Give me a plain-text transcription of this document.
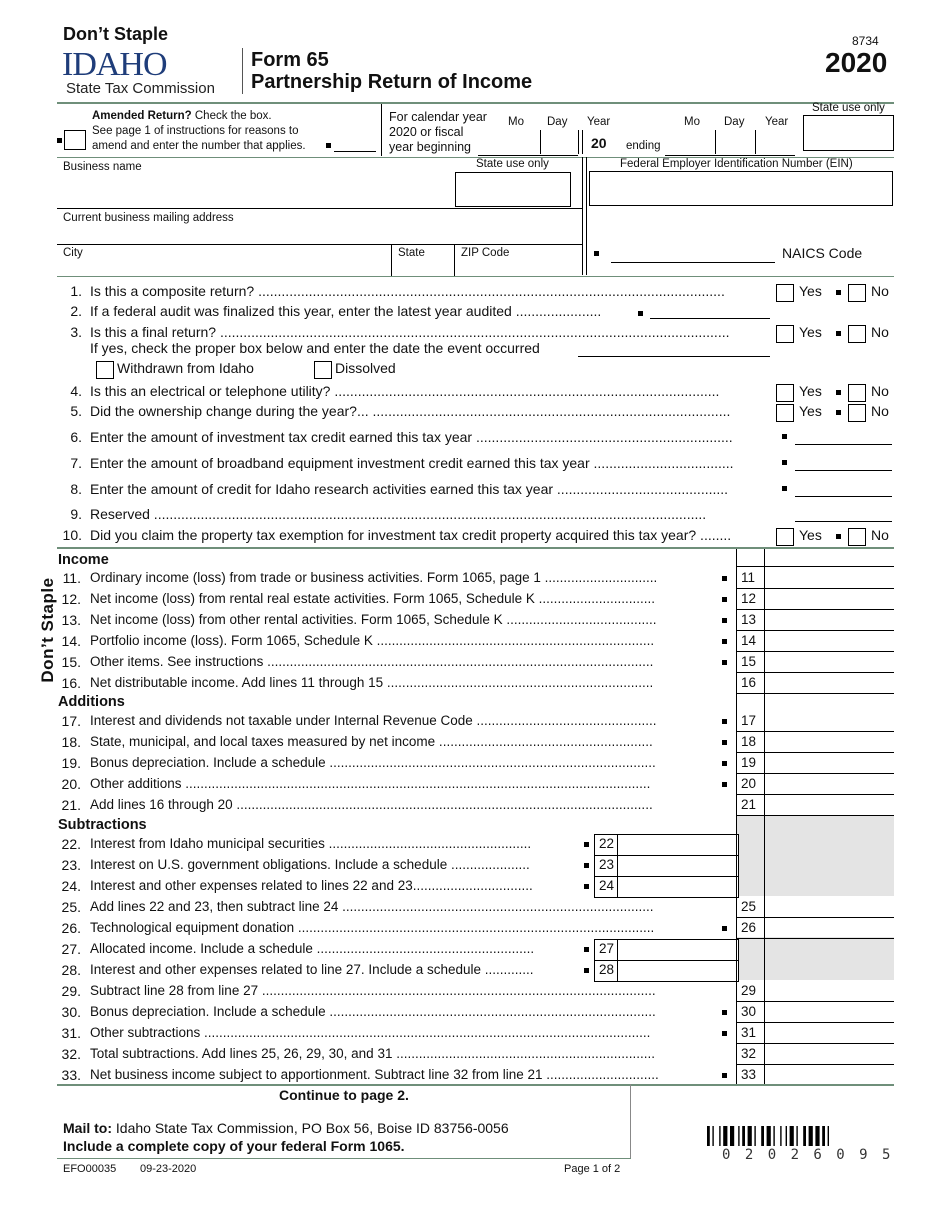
Don’t Staple
IDAHO
State Tax Commission
Form 65
Partnership Return of Income
8734
2020
Amended Return? Check the box.
See page 1 of instructions for reasons to
amend and enter the number that applies.
For calendar year
2020 or fiscal
year beginning
Mo Day Year
20 ending
Mo Day Year
State use only
Business name	State use only	Federal Employer Identification Number (EIN)
Current business mailing address
City	State	ZIP Code	NAICS Code
1. Is this a composite return? ........................................................................................................................	Yes	No
2. If a federal audit was finalized this year, enter the latest year audited ......................
3. Is this a final return? ...................................................................................................................................	Yes	No
If yes, check the proper box below and enter the date the event occurred
Withdrawn from Idaho	Dissolved
4. Is this an electrical or telephone utility? ...................................................................................................	Yes	No
5. Did the ownership change during the year?... ............................................................................................	Yes	No
6. Enter the amount of investment tax credit earned this tax year ..................................................................
7. Enter the amount of broadband equipment investment credit earned this tax year ....................................
8. Enter the amount of credit for Idaho research activities earned this tax year ............................................
9. Reserved ..............................................................................................................................................
10. Did you claim the property tax exemption for investment tax credit property acquired this tax year? ........	Yes	No
Don’t Staple
Income
Additions
Subtractions
11. Ordinary income (loss) from trade or business activities. Form 1065, page 1 ..............................	11
12. Net income (loss) from rental real estate activities. Form 1065, Schedule K ...............................	12
13. Net income (loss) from other rental activities. Form 1065, Schedule K ........................................	13
14. Portfolio income (loss). Form 1065, Schedule K ..........................................................................	14
15. Other items. See instructions .......................................................................................................	15
16. Net distributable income. Add lines 11 through 15 .......................................................................	16
17. Interest and dividends not taxable under Internal Revenue Code ................................................	17
18. State, municipal, and local taxes measured by net income .........................................................	18
19. Bonus depreciation. Include a schedule .......................................................................................	19
20. Other additions ............................................................................................................................	20
21. Add lines 16 through 20 ...............................................................................................................	21
22. Interest from Idaho municipal securities ......................................................	22
23. Interest on U.S. government obligations. Include a schedule .....................	23
24. Interest and other expenses related to lines 22 and 23................................	24
25. Add lines 22 and 23, then subtract line 24 ...................................................................................	25
26. Technological equipment donation ...............................................................................................	26
27. Allocated income. Include a schedule ..........................................................	27
28. Interest and other expenses related to line 27. Include a schedule .............	28
29. Subtract line 28 from line 27 .........................................................................................................	29
30. Bonus depreciation. Include a schedule .......................................................................................	30
31. Other subtractions .......................................................................................................................	31
32. Total subtractions. Add lines 25, 26, 29, 30, and 31 .....................................................................	32
33. Net business income subject to apportionment. Subtract line 32 from line 21 ..............................	33
Continue to page 2.
Mail to: Idaho State Tax Commission, PO Box 56, Boise ID 83756-0056
Include a complete copy of your federal Form 1065.
EFO00035 09-23-2020	Page 1 of 2
0 2 0 2 6 0 9 5
